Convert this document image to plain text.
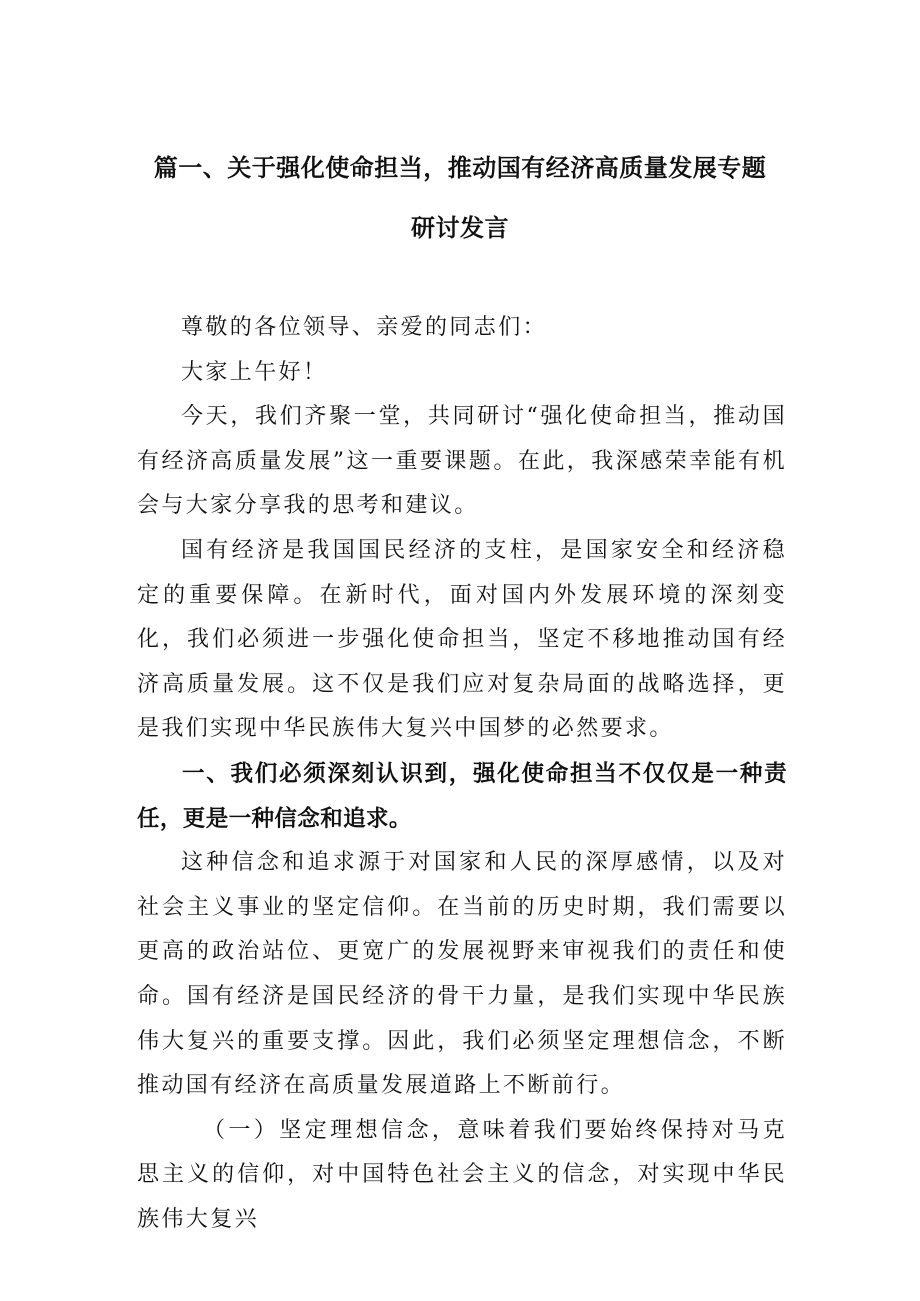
篇一、关于强化使命担当，推动国有经济高质量发展专题
研讨发言

尊敬的各位领导、亲爱的同志们：

大家上午好！

今天，我们齐聚一堂，共同研讨“强化使命担当，推动国有经济高质量发展”这一重要课题。在此，我深感荣幸能有机会与大家分享我的思考和建议。

国有经济是我国国民经济的支柱，是国家安全和经济稳定的重要保障。在新时代，面对国内外发展环境的深刻变化，我们必须进一步强化使命担当，坚定不移地推动国有经济高质量发展。这不仅是我们应对复杂局面的战略选择，更是我们实现中华民族伟大复兴中国梦的必然要求。

一、我们必须深刻认识到，强化使命担当不仅仅是一种责任，更是一种信念和追求。

这种信念和追求源于对国家和人民的深厚感情，以及对社会主义事业的坚定信仰。在当前的历史时期，我们需要以更高的政治站位、更宽广的发展视野来审视我们的责任和使命。国有经济是国民经济的骨干力量，是我们实现中华民族伟大复兴的重要支撑。因此，我们必须坚定理想信念，不断推动国有经济在高质量发展道路上不断前行。

（一）坚定理想信念，意味着我们要始终保持对马克思主义的信仰，对中国特色社会主义的信念，对实现中华民族伟大复兴
